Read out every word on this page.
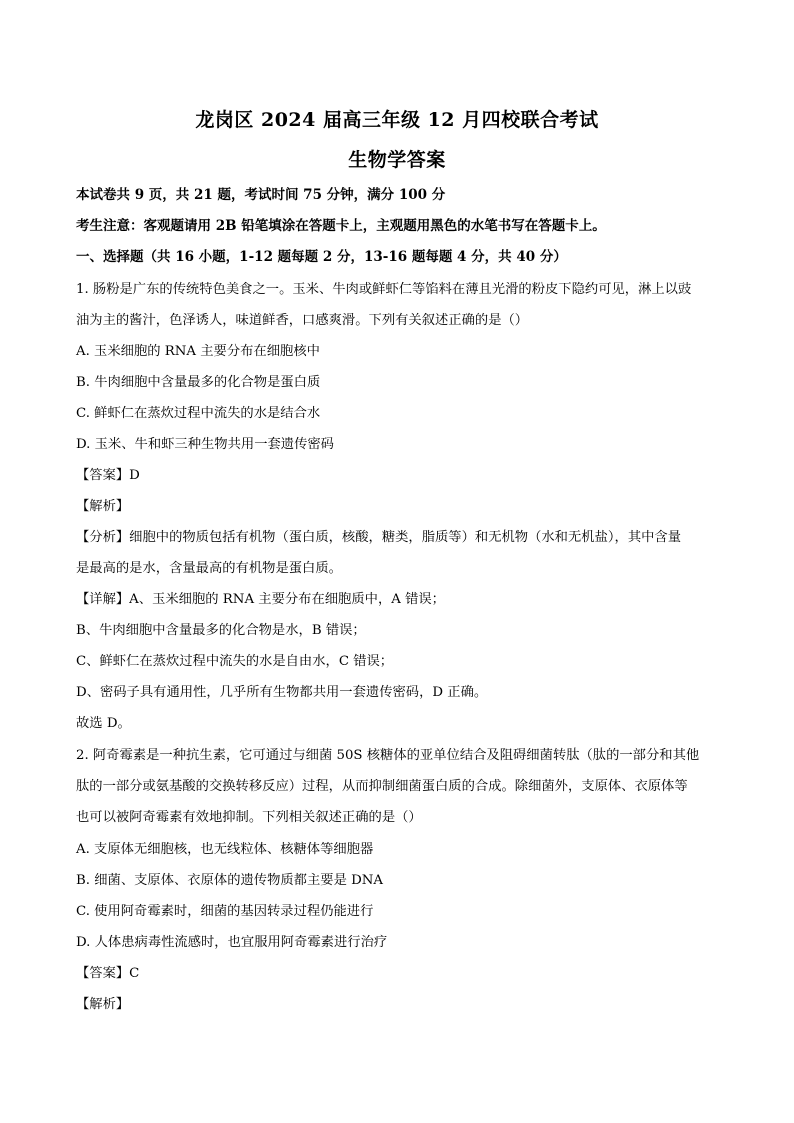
龙岗区 2024 届高三年级 12 月四校联合考试
生物学答案
本试卷共 9 页，共 21 题，考试时间 75 分钟，满分 100 分
考生注意：客观题请用 2B 铅笔填涂在答题卡上，主观题用黑色的水笔书写在答题卡上。
一、选择题（共 16 小题，1-12 题每题 2 分，13-16 题每题 4 分，共 40 分）
1. 肠粉是广东的传统特色美食之一。玉米、牛肉或鲜虾仁等馅料在薄且光滑的粉皮下隐约可见，淋上以豉
油为主的酱汁，色泽诱人，味道鲜香，口感爽滑。下列有关叙述正确的是（）
A. 玉米细胞的 RNA 主要分布在细胞核中
B. 牛肉细胞中含量最多的化合物是蛋白质
C. 鲜虾仁在蒸炊过程中流失的水是结合水
D. 玉米、牛和虾三种生物共用一套遗传密码
【答案】D
【解析】
【分析】细胞中的物质包括有机物（蛋白质，核酸，糖类，脂质等）和无机物（水和无机盐），其中含量
是最高的是水，含量最高的有机物是蛋白质。
【详解】A、玉米细胞的 RNA 主要分布在细胞质中，A 错误；
B、牛肉细胞中含量最多的化合物是水，B 错误；
C、鲜虾仁在蒸炊过程中流失的水是自由水，C 错误；
D、密码子具有通用性，几乎所有生物都共用一套遗传密码，D 正确。
故选 D。
2. 阿奇霉素是一种抗生素，它可通过与细菌 50S 核糖体的亚单位结合及阻碍细菌转肽（肽的一部分和其他
肽的一部分或氨基酸的交换转移反应）过程，从而抑制细菌蛋白质的合成。除细菌外，支原体、衣原体等
也可以被阿奇霉素有效地抑制。下列相关叙述正确的是（）
A. 支原体无细胞核，也无线粒体、核糖体等细胞器
B. 细菌、支原体、衣原体的遗传物质都主要是 DNA
C. 使用阿奇霉素时，细菌的基因转录过程仍能进行
D. 人体患病毒性流感时，也宜服用阿奇霉素进行治疗
【答案】C
【解析】
